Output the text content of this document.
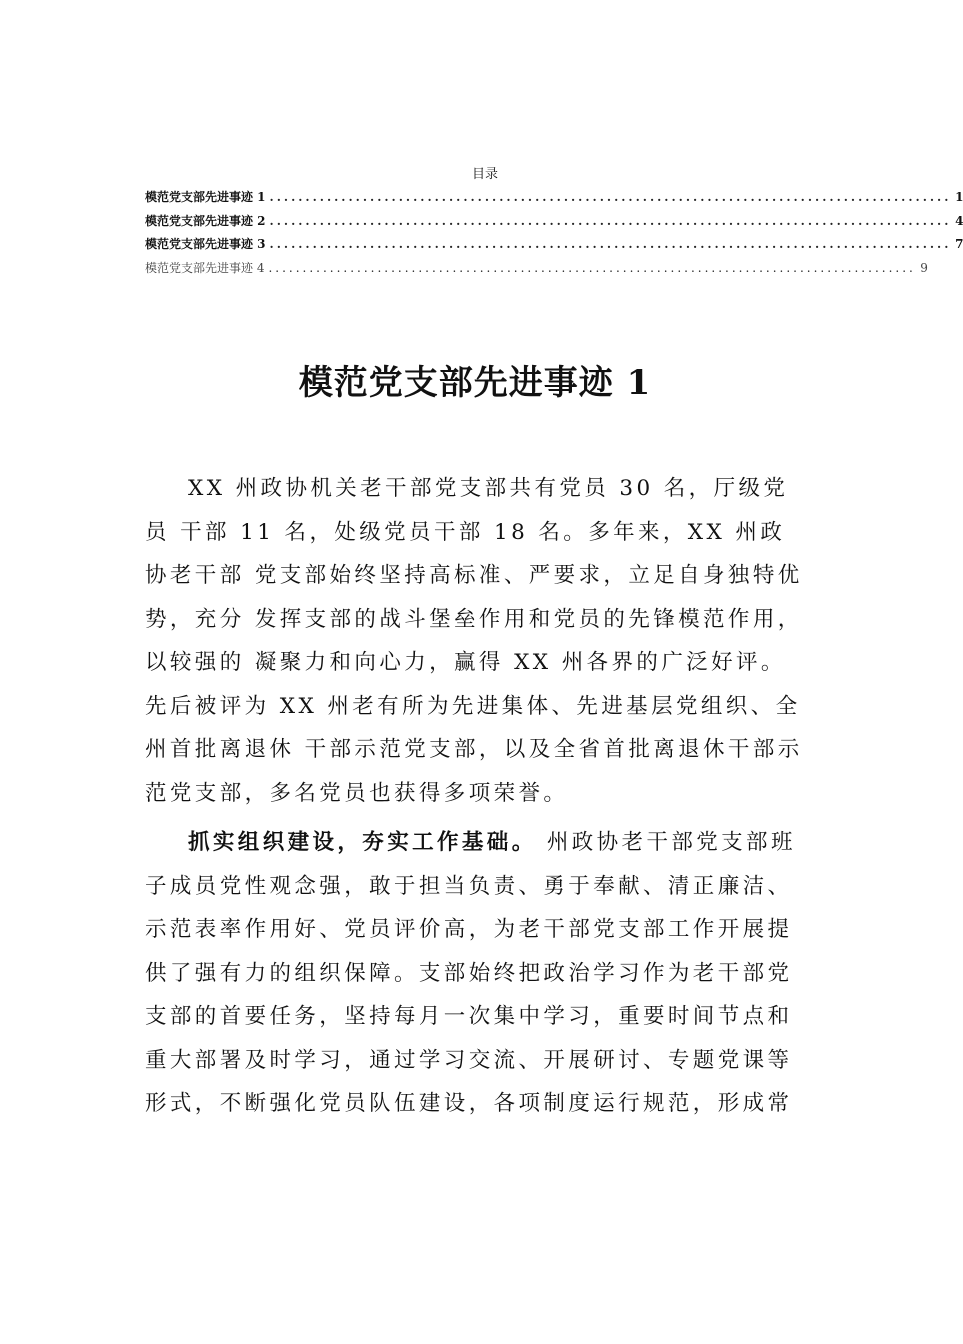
目录
模范党支部先进事迹 1 ............................................................................................... 1
模范党支部先进事迹 2 ............................................................................................... 4
模范党支部先进事迹 3 ............................................................................................... 7
模范党支部先进事迹 4 ............................................................................................... 9
模范党支部先进事迹 1

XX 州政协机关老干部党支部共有党员 30 名，厅级党员 干部 11 名，处级党员干部 18 名。多年来，XX 州政协老干部 党支部始终坚持高标准、严要求，立足自身独特优势，充分 发挥支部的战斗堡垒作用和党员的先锋模范作用，以较强的 凝聚力和向心力，赢得 XX 州各界的广泛好评。先后被评为 XX 州老有所为先进集体、先进基层党组织、全州首批离退休 干部示范党支部，以及全省首批离退休干部示范党支部，多名党员也获得多项荣誉。

抓实组织建设，夯实工作基础。 州政协老干部党支部班子成员党性观念强，敢于担当负责、勇于奉献、清正廉洁、示范表率作用好、党员评价高，为老干部党支部工作开展提供了强有力的组织保障。支部始终把政治学习作为老干部党支部的首要任务，坚持每月一次集中学习，重要时间节点和重大部署及时学习，通过学习交流、开展研讨、专题党课等形式，不断强化党员队伍建设，各项制度运行规范，形成常
